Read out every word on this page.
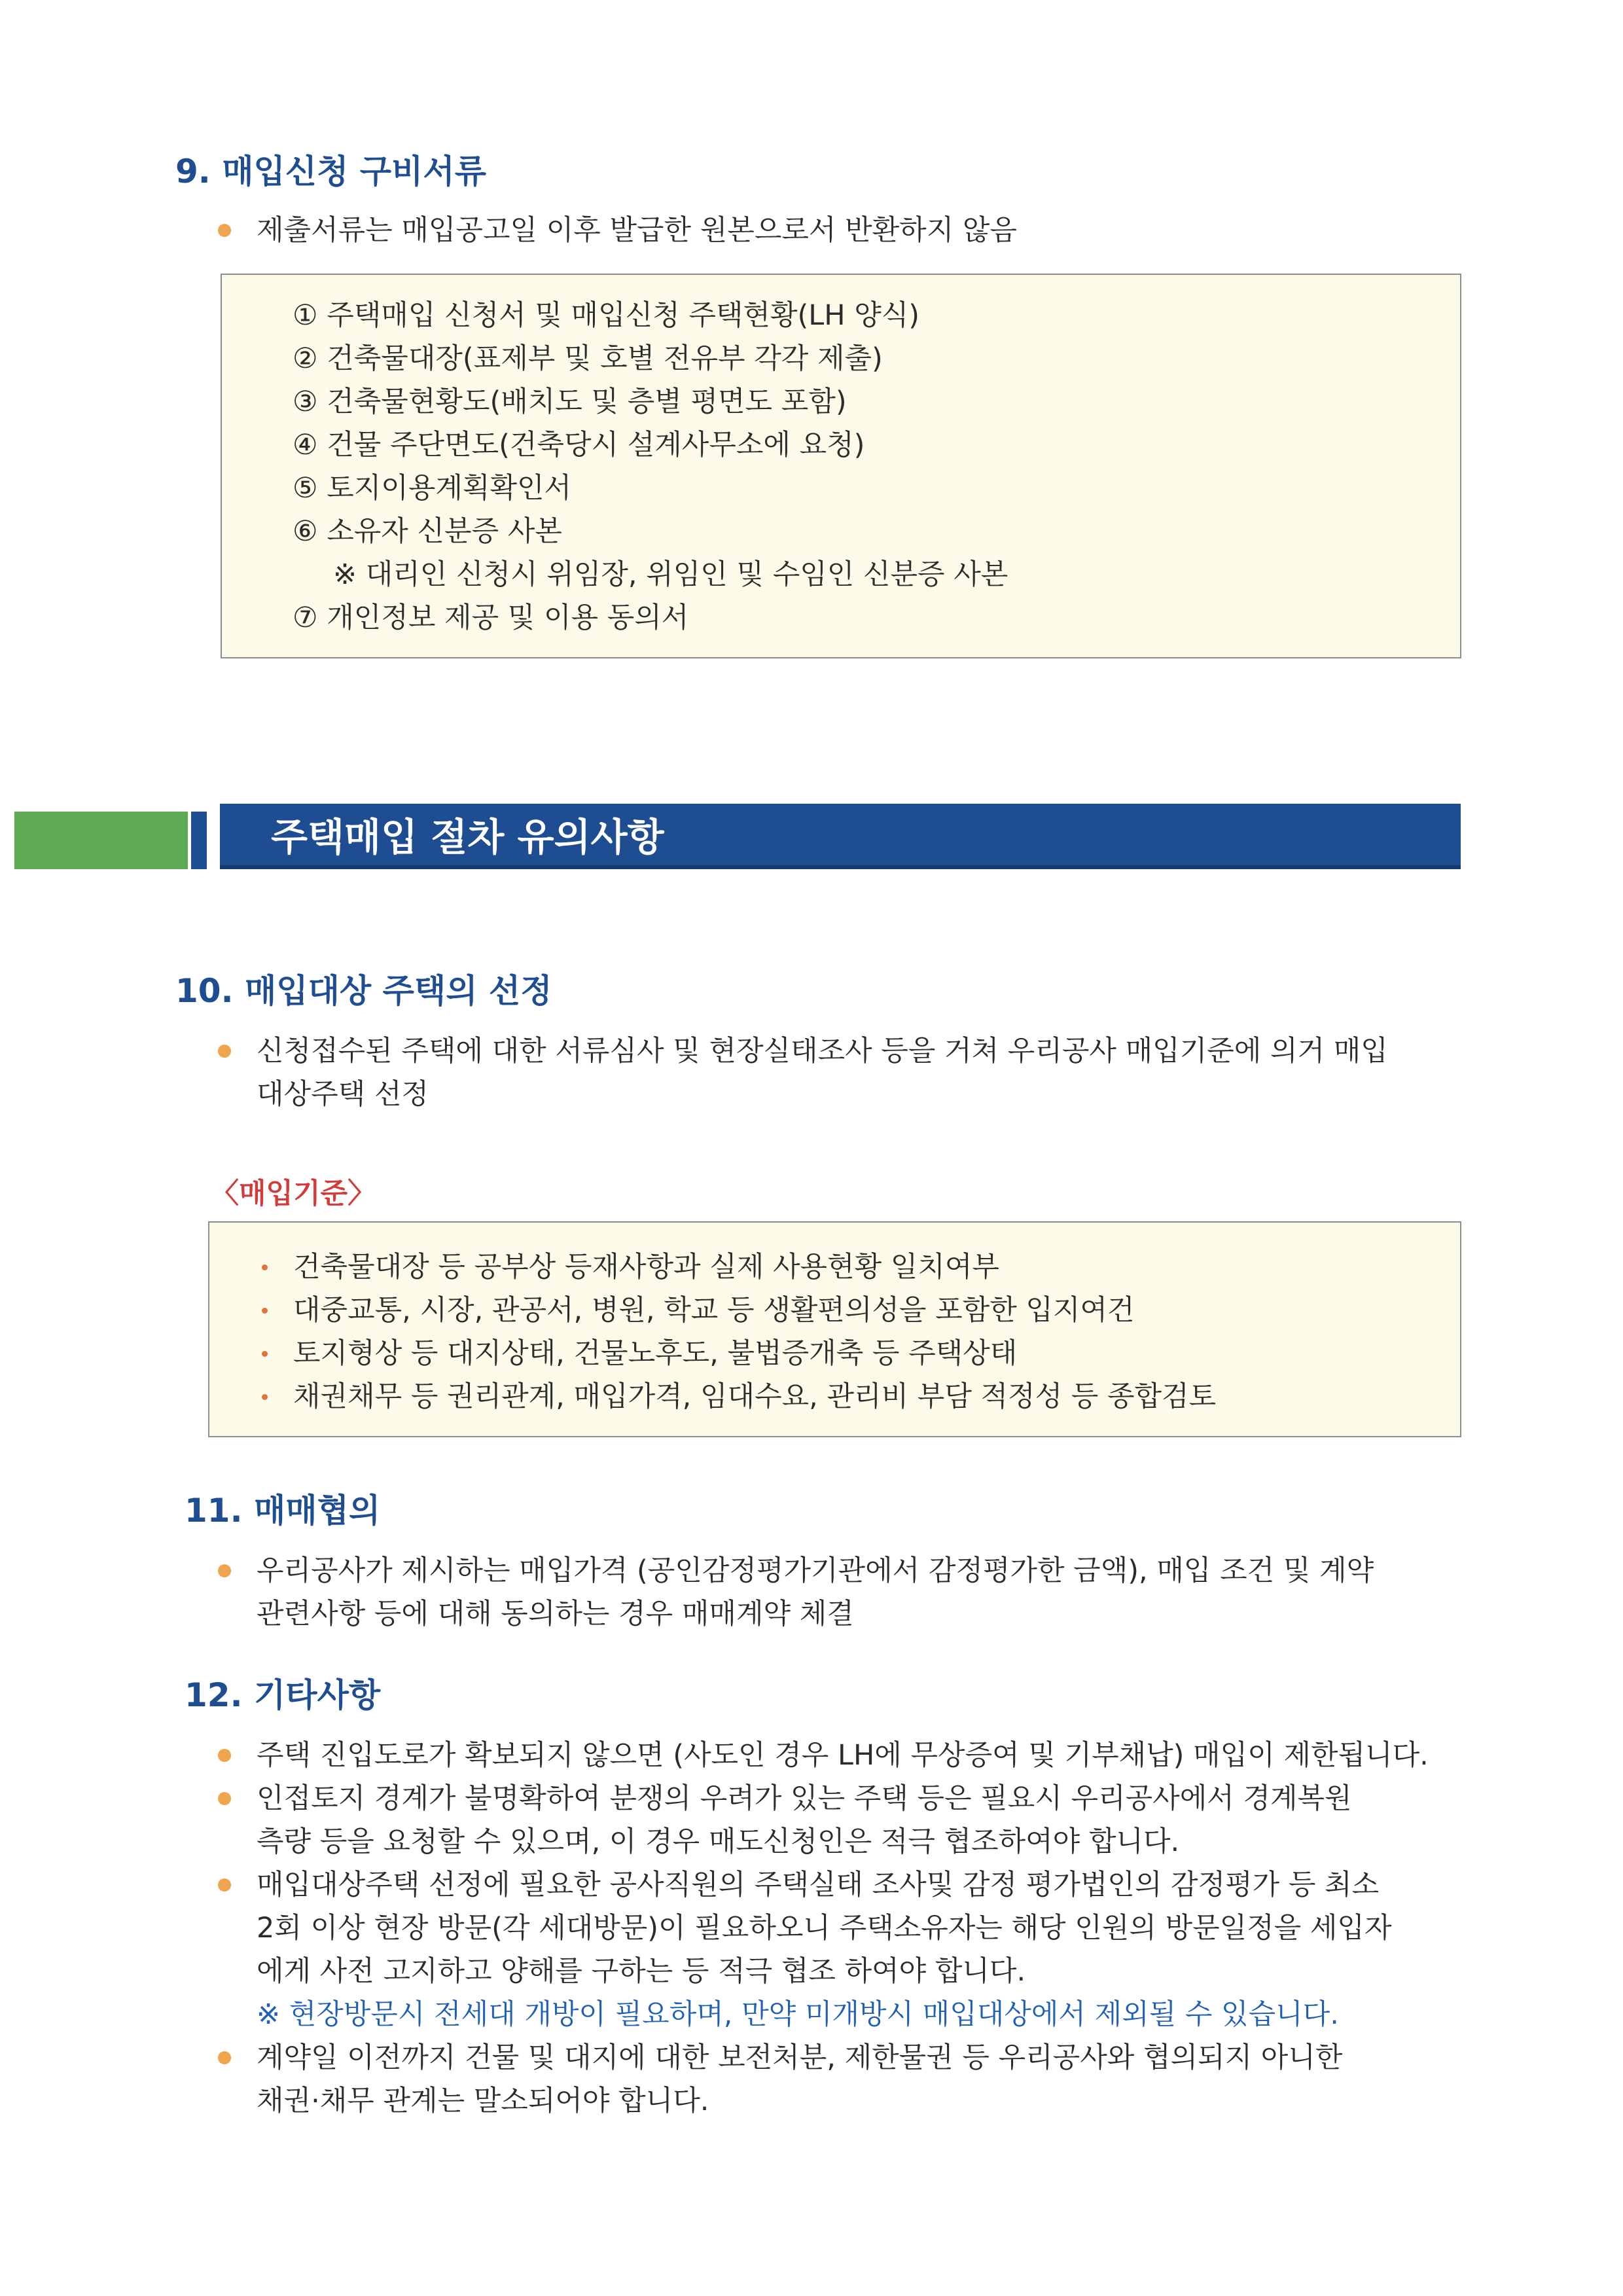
9. 매입신청 구비서류
제출서류는 매입공고일 이후 발급한 원본으로서 반환하지 않음
① 주택매입 신청서 및 매입신청 주택현황(LH 양식)
② 건축물대장(표제부 및 호별 전유부 각각 제출)
③ 건축물현황도(배치도 및 층별 평면도 포함)
④ 건물 주단면도(건축당시 설계사무소에 요청)
⑤ 토지이용계획확인서
⑥ 소유자 신분증 사본
※ 대리인 신청시 위임장, 위임인 및 수임인 신분증 사본
⑦ 개인정보 제공 및 이용 동의서
주택매입 절차 유의사항
10. 매입대상 주택의 선정
신청접수된 주택에 대한 서류심사 및 현장실태조사 등을 거쳐 우리공사 매입기준에 의거 매입
대상주택 선정
〈매입기준〉
건축물대장 등 공부상 등재사항과 실제 사용현황 일치여부
대중교통, 시장, 관공서, 병원, 학교 등 생활편의성을 포함한 입지여건
토지형상 등 대지상태, 건물노후도, 불법증개축 등 주택상태
채권채무 등 권리관계, 매입가격, 임대수요, 관리비 부담 적정성 등 종합검토
11. 매매협의
우리공사가 제시하는 매입가격 (공인감정평가기관에서 감정평가한 금액), 매입 조건 및 계약
관련사항 등에 대해 동의하는 경우 매매계약 체결
12. 기타사항
주택 진입도로가 확보되지 않으면 (사도인 경우 LH에 무상증여 및 기부채납) 매입이 제한됩니다.
인접토지 경계가 불명확하여 분쟁의 우려가 있는 주택 등은 필요시 우리공사에서 경계복원
측량 등을 요청할 수 있으며, 이 경우 매도신청인은 적극 협조하여야 합니다.
매입대상주택 선정에 필요한 공사직원의 주택실태 조사및 감정 평가법인의 감정평가 등 최소
2회 이상 현장 방문(각 세대방문)이 필요하오니 주택소유자는 해당 인원의 방문일정을 세입자
에게 사전 고지하고 양해를 구하는 등 적극 협조 하여야 합니다.
※ 현장방문시 전세대 개방이 필요하며, 만약 미개방시 매입대상에서 제외될 수 있습니다.
계약일 이전까지 건물 및 대지에 대한 보전처분, 제한물권 등 우리공사와 협의되지 아니한
채권·채무 관계는 말소되어야 합니다.
